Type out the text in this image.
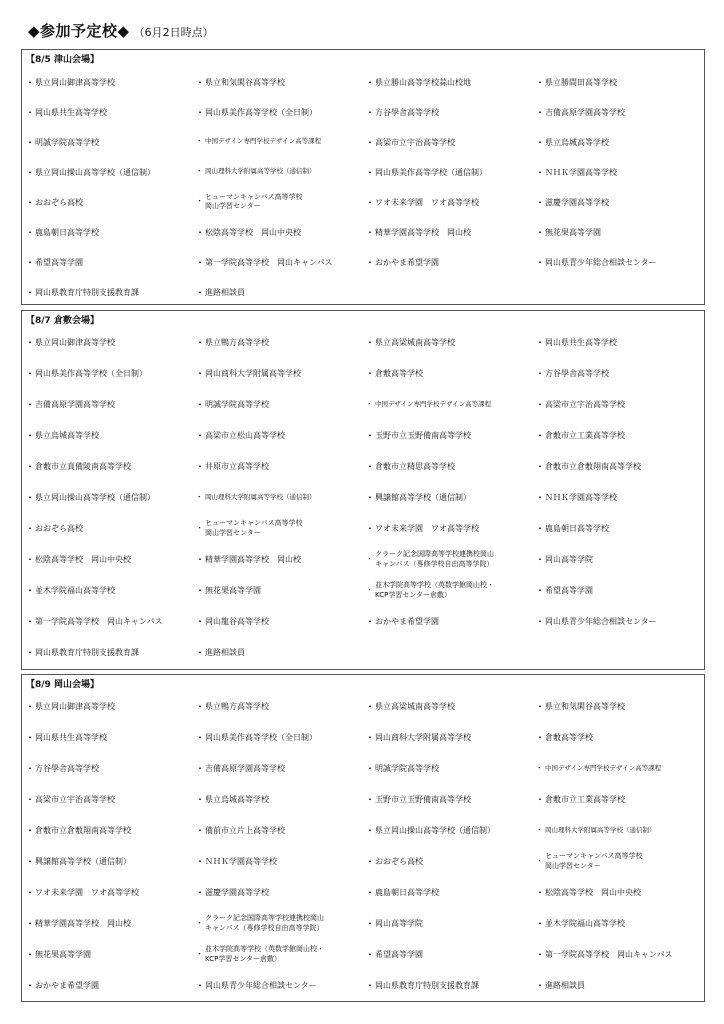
◆参加予定校◆ （6月2日時点）
【8/5 津山会場】
・ 県立岡山御津高等学校	・ 県立和気閑谷高等学校	・ 県立勝山高等学校蒜山校地	・ 県立勝間田高等学校
・ 岡山県共生高等学校	・ 岡山県美作高等学校（全日制）	・ 方谷學舎高等学校	・ 吉備高原学園高等学校
・ 明誠学院高等学校	・ 中国デザイン専門学校デザイン高等課程	・ 高梁市立宇治高等学校	・ 県立烏城高等学校
・ 県立岡山操山高等学校（通信制）	・ 岡山理科大学附属高等学校（通信制）	・ 岡山県美作高等学校（通信制）	・ ＮＨＫ学園高等学校
・ おおぞら高校	・
ヒューマンキャンパス高等学校
岡山学習センター	・ ワオ未来学園　ワオ高等学校	・ 滋慶学園高等学校
・ 鹿島朝日高等学校	・ 松陰高等学校　岡山中央校	・ 精華学園高等学校　岡山校	・ 無花果高等学園
・ 希望高等学園	・ 第一学院高等学校　岡山キャンパス	・ おかやま希望学園	・ 岡山県青少年総合相談センター
・ 岡山県教育庁特別支援教育課	・ 進路相談員
【8/7 倉敷会場】
・ 県立岡山御津高等学校	・ 県立鴨方高等学校	・ 県立高梁城南高等学校	・ 岡山県共生高等学校
・ 岡山県美作高等学校（全日制）	・ 岡山商科大学附属高等学校	・ 倉敷高等学校	・ 方谷學舎高等学校
・ 吉備高原学園高等学校	・ 明誠学院高等学校	・ 中国デザイン専門学校デザイン高等課程	・ 高梁市立宇治高等学校
・ 県立烏城高等学校	・ 高梁市立松山高等学校	・ 玉野市立玉野備南高等学校	・ 倉敷市立工業高等学校
・ 倉敷市立真備陵南高等学校	・ 井原市立高等学校	・ 倉敷市立精思高等学校	・ 倉敷市立倉敷翔南高等学校
・ 県立岡山操山高等学校（通信制）	・ 岡山理科大学附属高等学校（通信制）	・ 興譲館高等学校（通信制）	・ ＮＨＫ学園高等学校
・ おおぞら高校	・
ヒューマンキャンパス高等学校
岡山学習センター	・ ワオ未来学園　ワオ高等学校	・ 鹿島朝日高等学校
・ 松陰高等学校　岡山中央校	・ 精華学園高等学校　岡山校	・
クラーク記念国際高等学校連携校岡山
キャンパス（専修学校自由高等学院）	・ 岡山高等学院
・ 並木学院福山高等学校	・ 無花果高等学園	・
並木学院高等学校（英数学館岡山校・
KCP学習センター倉敷）	・ 希望高等学園
・ 第一学院高等学校　岡山キャンパス	・ 岡山龍谷高等学校	・ おかやま希望学園	・ 岡山県青少年総合相談センター
・ 岡山県教育庁特別支援教育課	・ 進路相談員
【8/9 岡山会場】
・ 県立岡山御津高等学校	・ 県立鴨方高等学校	・ 県立高梁城南高等学校	・ 県立和気閑谷高等学校
・ 岡山県共生高等学校	・ 岡山県美作高等学校（全日制）	・ 岡山商科大学附属高等学校	・ 倉敷高等学校
・ 方谷學舎高等学校	・ 吉備高原学園高等学校	・ 明誠学院高等学校	・ 中国デザイン専門学校デザイン高等課程
・ 高梁市立宇治高等学校	・ 県立烏城高等学校	・ 玉野市立玉野備南高等学校	・ 倉敷市立工業高等学校
・ 倉敷市立倉敷翔南高等学校	・ 備前市立片上高等学校	・ 県立岡山操山高等学校（通信制）	・ 岡山理科大学附属高等学校（通信制）
・ 興譲館高等学校（通信制）	・ ＮＨＫ学園高等学校	・ おおぞら高校	・
ヒューマンキャンパス高等学校
岡山学習センター
・ ワオ未来学園　ワオ高等学校	・ 滋慶学園高等学校	・ 鹿島朝日高等学校	・ 松陰高等学校　岡山中央校
・ 精華学園高等学校　岡山校	・
クラーク記念国際高等学校連携校岡山
キャンパス（専修学校自由高等学院）	・ 岡山高等学院	・ 並木学院福山高等学校
・ 無花果高等学園	・
並木学院高等学校（英数学館岡山校・
KCP学習センター倉敷）	・ 希望高等学園	・ 第一学院高等学校　岡山キャンパス
・ おかやま希望学園	・ 岡山県青少年総合相談センター	・ 岡山県教育庁特別支援教育課	・ 進路相談員
